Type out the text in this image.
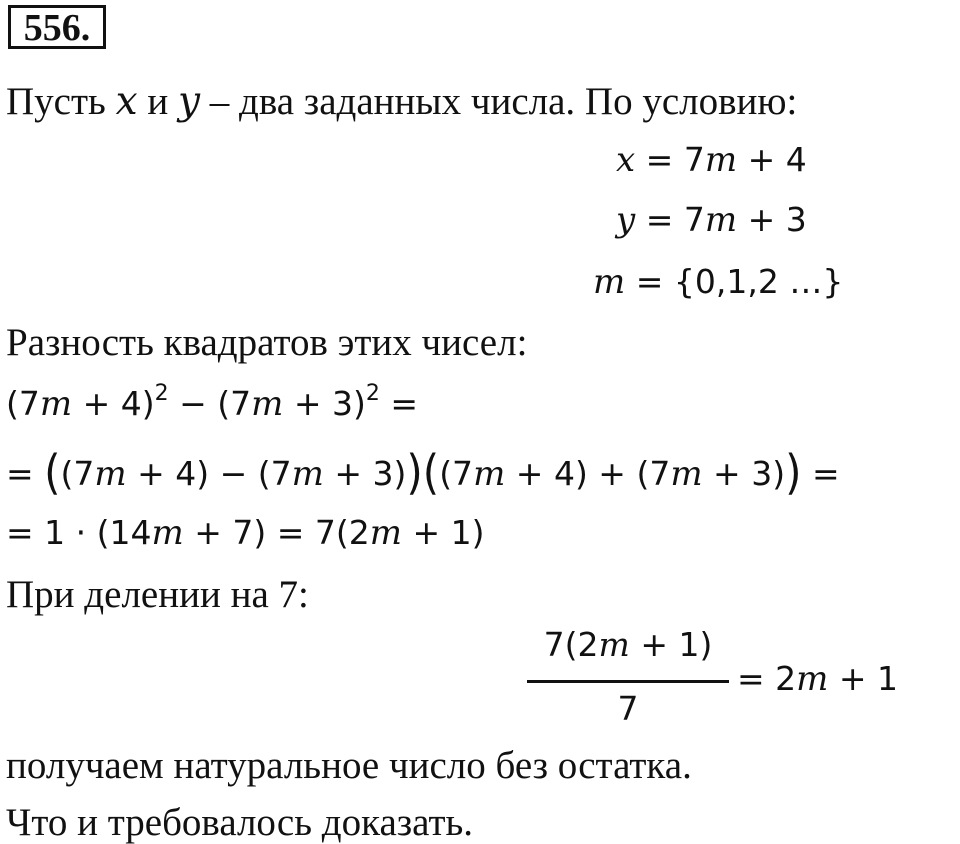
556.
Пусть x и y – два заданных числа. По условию:
x = 7m + 4
y = 7m + 3
m = {0,1,2 …}
Разность квадратов этих чисел:
$(7m + 4)^2 - (7m + 3)^2$ =
= ((7m + 4) − (7m + 3))((7m + 4) + (7m + 3)) =
= 1 · (14m + 7) = 7(2m + 1)
При делении на 7:
7(2m + 1)
7
= 2m + 1
получаем натуральное число без остатка.
Что и требовалось доказать.
